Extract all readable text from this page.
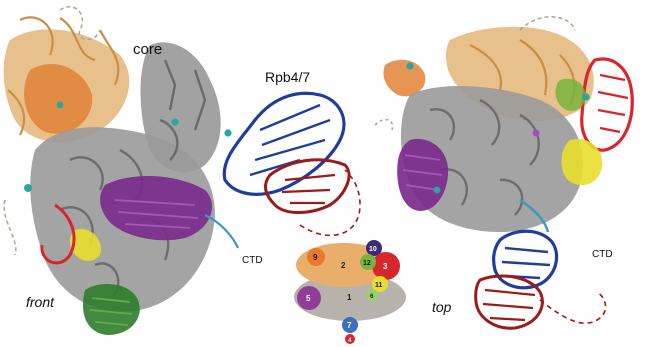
core
Rpb4/7
CTD
front	1
2	3
5
7
4
9
10
11
12
6
CTD
top
